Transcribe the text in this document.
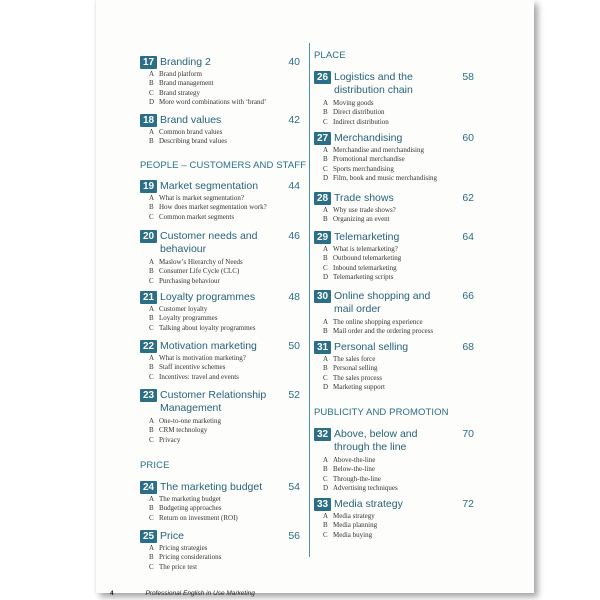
PEOPLE – CUSTOMERS AND STAFF
PRICE
PLACE
PUBLICITY AND PROMOTION
17 Branding 2	40
A Brand platform
B Brand management
C Brand strategy
D More word combinations with ‘brand’
18 Brand values	42
A Common brand values
B Describing brand values
19 Market segmentation	44
A What is market segmentation?
B How does market segmentation work?
C Common market segments
20 Customer needs and
behaviour
46
A Maslow’s Hierarchy of Needs
B Consumer Life Cycle (CLC)
C Purchasing behaviour
21 Loyalty programmes	48
A Customer loyalty
B Loyalty programmes
C Talking about loyalty programmes
22 Motivation marketing	50
A What is motivation marketing?
B Staff incentive schemes
C Incentives: travel and events
23 Customer Relationship
Management
52
A One-to-one marketing
B CRM technology
C Privacy
24 The marketing budget	54
A The marketing budget
B Budgeting approaches
C Return on investment (ROI)
25 Price	56
A Pricing strategies
B Pricing considerations
C The price test
26 Logistics and the
distribution chain
58
A Moving goods
B Direct distribution
C Indirect distribution
27 Merchandising	60
A Merchandise and merchandising
B Promotional merchandise
C Sports merchandising
D Film, book and music merchandising
28 Trade shows	62
A Why use trade shows?
B Organizing an event
29 Telemarketing	64
A What is telemarketing?
B Outbound telemarketing
C Inbound telemarketing
D Telemarketing scripts
30 Online shopping and
mail order
66
A The online shopping experience
B Mail order and the ordering process
31 Personal selling	68
A The sales force
B Personal selling
C The sales process
D Marketing support
32 Above, below and
through the line
70
A Above-the-line
B Below-the-line
C Through-the-line
D Advertising techniques
33 Media strategy	72
A Media strategy
B Media planning
C Media buying
4	Professional English in Use Marketing
